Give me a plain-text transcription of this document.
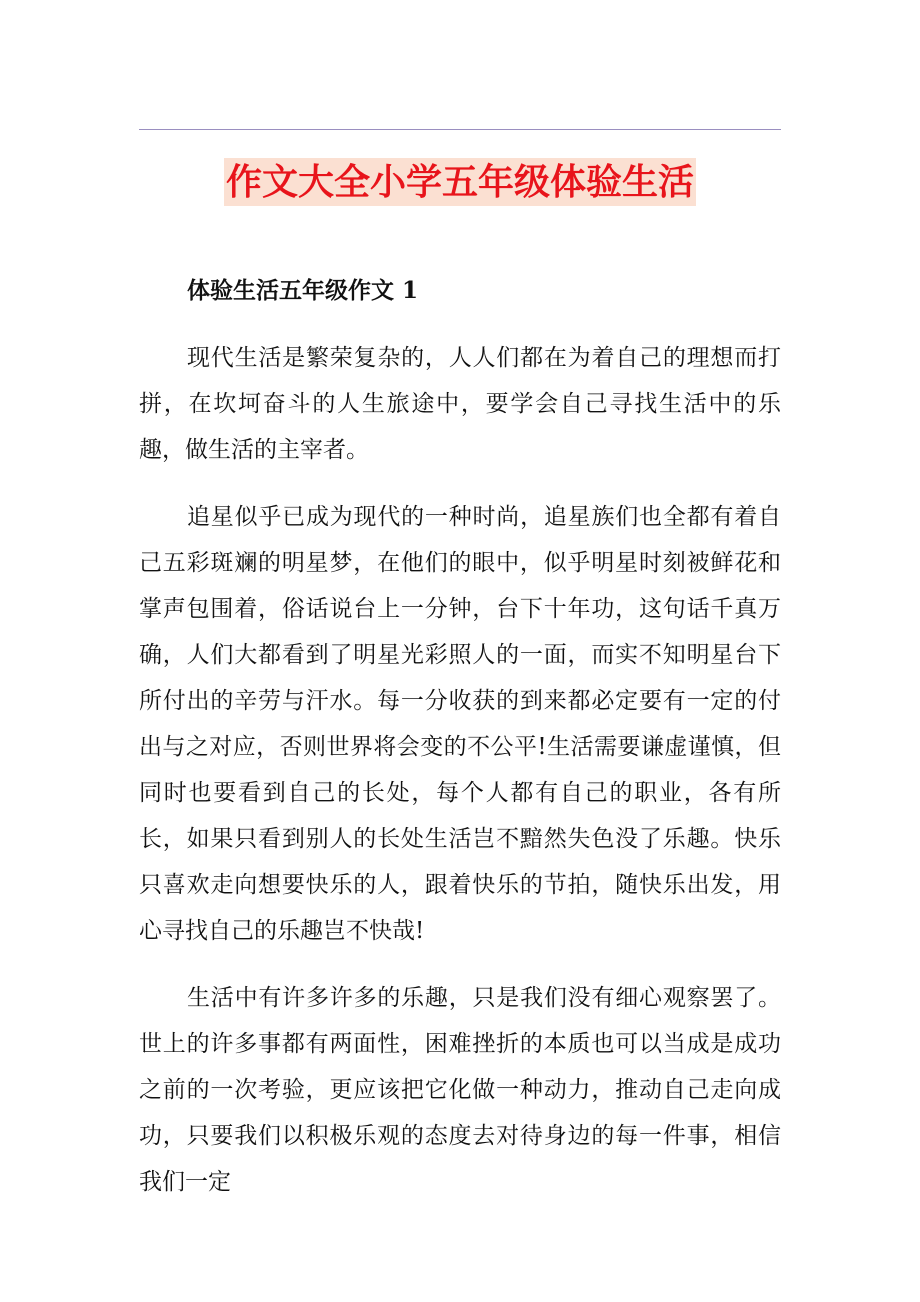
作文大全小学五年级体验生活
体验生活五年级作文 1

现代生活是繁荣复杂的，人人们都在为着自己的理想而打拼，在坎坷奋斗的人生旅途中，要学会自己寻找生活中的乐趣，做生活的主宰者。

追星似乎已成为现代的一种时尚，追星族们也全都有着自己五彩斑斓的明星梦，在他们的眼中，似乎明星时刻被鲜花和掌声包围着，俗话说台上一分钟，台下十年功，这句话千真万确，人们大都看到了明星光彩照人的一面，而实不知明星台下所付出的辛劳与汗水。每一分收获的到来都必定要有一定的付出与之对应，否则世界将会变的不公平!生活需要谦虚谨慎，但同时也要看到自己的长处，每个人都有自己的职业，各有所长，如果只看到别人的长处生活岂不黯然失色没了乐趣。快乐只喜欢走向想要快乐的人，跟着快乐的节拍，随快乐出发，用心寻找自己的乐趣岂不快哉!

生活中有许多许多的乐趣，只是我们没有细心观察罢了。世上的许多事都有两面性，困难挫折的本质也可以当成是成功之前的一次考验，更应该把它化做一种动力，推动自己走向成功，只要我们以积极乐观的态度去对待身边的每一件事，相信我们一定
